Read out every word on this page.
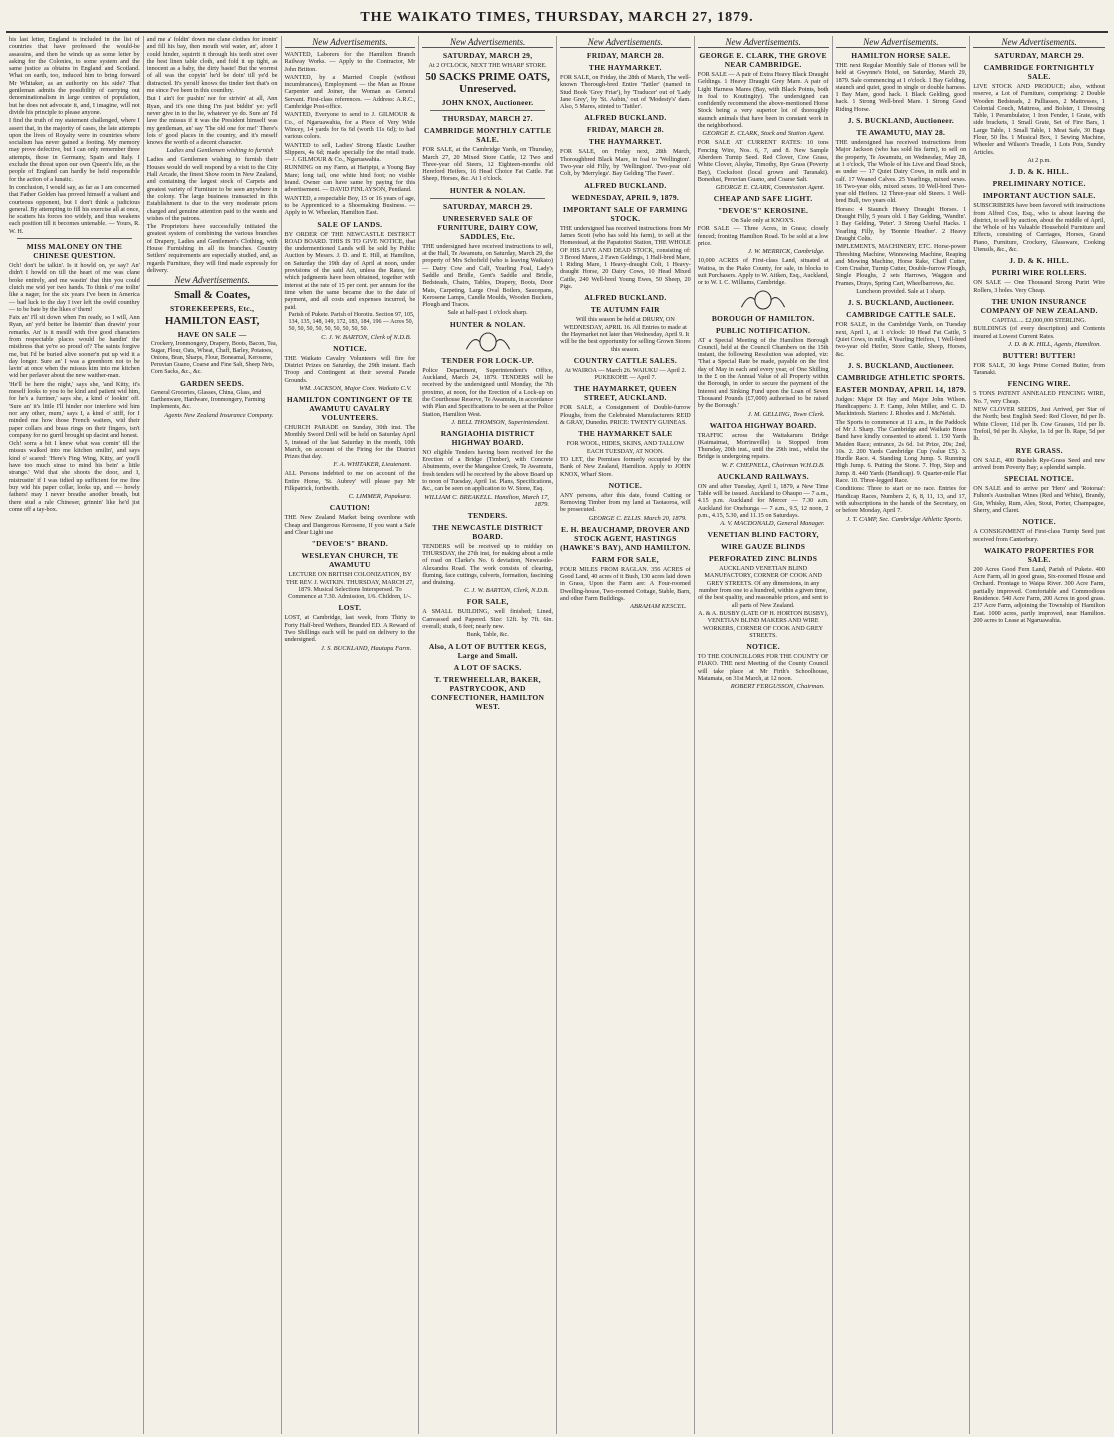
THE WAIKATO TIMES, THURSDAY, MARCH 27, 1879.
his last letter, England is included in the list of countries that have professed the would-be assassins, and then he winds up as some letter by asking for the Colonies, to some system and the same justice as obtains in England and Scotland. What on earth, too, induced him to bring forward Mr Whitaker, as an authority on his side? That gentleman admits the possibility of carrying out denominationalism in large centres of population, but he does not advocate it, and, I imagine, will not divide his principle to please anyone.
I find the truth of my statement challenged, where I assert that, in the majority of cases, the late attempts upon the lives of Royalty were in countries where socialism has never gained a footing. My memory may prove defective, but I can only remember three attempts, those in Germany, Spain and Italy. I exclude the threat upon our own Queen's life, as the people of England can hardly be held responsible for the action of a lunatic.
In conclusion, I would say, as far as I am concerned that Father Golden has proved himself a valiant and courteous opponent, but I don't think a judicious general. By attempting to fill his exercise all at once, he scatters his forces too widely, and thus weakens each position till it becomes untenable. — Yours, R. W. H.
MISS MALONEY ON THE CHINESE QUESTION.
Och! don't be talkin'. Is it howld on, ye say? An' didn't I howld on till the heart of me was clane broke entirely, and me wastin' that thin you could clutch me wid yer two hands. To think o' me toilin' like a nager, for the six years I've been in America — bad luck to the day I iver left the owld counthry — to be bate by the likes o' them!
Faix an' I'll sit down when I'm ready, so I will, Ann Ryan, an' ye'd better be listenin' than drawin' your remarks. An' is it mesilf with five good characters from respectable places would be handin' the misthress that ye're so proud of? The saints forgive me, but I'd be buried alive sooner'n put up wid it a day longer. Sure an' I was a greenhorn not to be lavin' at once when the missus kim into me kitchen wid her perlaver about the new waither-man.
'He'll be here the night,' says she, 'and Kitty, it's meself looks to you to be kind and patient wid him, for he's a furriner,' says she, a kind o' lookin' off. 'Sure an' it's little I'll hinder nor interfere wid him nor any other, mum,' says I, a kind o' stiff, for I minded me how those French waiters, wid their paper collars and brass rings on their fingers, isn't company for no gurril brought up dacint and honest.
Och! sorra a bit I knew what was comin' till the missus walked into me kitchen smilin', and says kind o' scared: 'Here's Fing Wing, Kitty, an' you'll have too much sinse to mind his bein' a little strange.' Wid that she shoots the door, and I, mistrustin' if I was tidied up sufficient for me fine buy wid his paper collar, looks up, and — howly fathers! may I never breathe another breath, but there stud a rale Chineser, grinnin' like he'd jist come off a tay-box.
and me a' foldin' down me clane clothes for ironin' and fill his bay, then mouth wid water, an', afore I could hinder, squirrit it through his teeth stret over the best linen table cloth, and fold it up tight, as innocent as a baby, the dirty baste! But the worrest of all was the copyin' he'd be doin' till ye'd be distracted. It's yersilf knows the tinder feet that's on me since I've been in this counthry.
But I ain't for pushin' nor for strivin' at all, Ann Ryan, and it's one thing I'm just biddin' ye: ye'll never give in to the lie, whatever ye do. Sure an' I'd lave the missus if it was the President himself was my gentleman, an' say 'The old one for me!' There's lots o' good places in the country, and it's meself knows the worth of a decent character.
Ladies and Gentlemen wishing to furnish
Ladies and Gentlemen wishing to furnish their Houses would do well respond by a visit to the City Hall Arcade, the finest Show room in New Zealand, and containing the largest stock of Carpets and greatest variety of Furniture to be seen anywhere in the colony. The large business transacted in this Establishment is due to the very moderate prices charged and genuine attention paid to the wants and wishes of the patrons.
The Proprietors have successfully initiated the greatest system of combining the various branches of Drapery, Ladies and Gentlemen's Clothing, with House Furnishing in all its branches. Country Settlers' requirements are especially studied, and, as regards Furniture, they will find made expressly for delivery.
New Advertisements.
Small & Coates,
STOREKEEPERS, Etc.,
HAMILTON EAST,
HAVE ON SALE —
Crockery, Ironmongery, Drapery, Boots, Bacon, Tea, Sugar, Flour, Oats, Wheat, Chaff, Barley, Potatoes, Onions, Bran, Sharps, Flour, Boneamal, Kerosene, Peruvian Guano, Coarse and Fine Salt, Sheep Nets, Corn Sacks, &c., &c.
GARDEN SEEDS.
General Groceries, Glasses, China, Glass, and Earthenware, Hardware, Ironmongery, Farming Implements, &c.
Agents New Zealand Insurance Company.
New Advertisements.
WANTED, Laborers for the Hamilton Branch Railway Works. — Apply to the Contractor, Mr John Britton.
WANTED, by a Married Couple (without incumbrances), Employment — the Man as House Carpenter and Joiner, the Woman as General Servant. First-class references. — Address: A.R.C., Cambridge Post-office.
WANTED, Everyone to send to J. GILMOUR & Co., of Ngaruawahia, for a Piece of Very Wide Wincey, 14 yards for 6s 6d (worth 11s 6d); to had various colors.
WANTED to sell, Ladies' Strong Elastic Leather Slippers, 4s 6d; made specially for the retail trade. — J. GILMOUR & Co., Ngaruawahia.
RUNNING on my Farm, at Haripipi, a Young Bay Mare; long tail, one white hind foot; no visible brand. Owner can have same by paying for this advertisement. — DAVID FINLAYSON, Pentland.
WANTED, a respectable Boy, 15 or 16 years of age, to be Apprenticed to a Shoemaking Business. — Apply to W. Wheelan, Hamilton East.
SALE OF LANDS.
BY ORDER OF THE NEWCASTLE DISTRICT ROAD BOARD. THIS IS TO GIVE NOTICE, that the undermentioned Lands will be sold by Public Auction by Messrs. J. D. and E. Hill, at Hamilton, on Saturday the 19th day of April at noon, under provisions of the said Act, unless the Rates, for which judgments have been obtained, together with interest at the rate of 15 per cent. per annum for the time when the same became due to the date of payment, and all costs and expenses incurred, be paid.
Parish of Pukete. Parish of Horotiu. Section 97, 105, 134, 135, 148, 149, 172, 183, 184, 196 — Acres 50, 50, 50, 50, 50, 50, 50, 50, 50, 50.
C. J. W. BARTON, Clerk of N.D.B.
NOTICE.
THE Waikato Cavalry Volunteers will fire for District Prizes on Saturday, the 29th instant. Each Troop and Contingent at their several Parade Grounds.
WM. JACKSON, Major Com. Waikato C.V.
HAMILTON CONTINGENT OF TE AWAMUTU CAVALRY VOLUNTEERS.
CHURCH PARADE on Sunday, 30th inst. The Monthly Sword Drill will be held on Saturday April 5, instead of the last Saturday in the month, 10th March, on account of the Firing for the District Prizes that day.
F. A. WHITAKER, Lieutenant.
ALL Persons indebted to me on account of the Entire Horse, 'St. Aubrey' will please pay Mr Filkpatrick, forthwith.
C. LIMMER, Papakura.
CAUTION!
THE New Zealand Market being overdone with Cheap and Dangerous Kerosene, If you want a Safe and Clear Light use
"DEVOE'S" BRAND.
WESLEYAN CHURCH, TE AWAMUTU
LECTURE ON BRITISH COLONIZATION, BY THE REV. J. WATKIN. THURSDAY, MARCH 27, 1879. Musical Selections Interspersed. To Commence at 7.30. Admission, 1/6. Children, 1/-.
LOST.
LOST, at Cambridge, last week, from Thirty to Forty Half-bred Wethers, Branded ED. A Reward of Two Shillings each will be paid on delivery to the undersigned.
J. S. BUCKLAND, Hautapu Farm.
New Advertisements.
SATURDAY, MARCH 29,
At 2 O'CLOCK, NEXT THE WHARF STORE.
50 SACKS PRIME OATS, Unreserved.
JOHN KNOX, Auctioneer.
THURSDAY, MARCH 27.
CAMBRIDGE MONTHLY CATTLE SALE.
FOR SALE, at the Cambridge Yards, on Thursday, March 27, 20 Mixed Store Cattle, 12 Two and Three-year old Steers, 12 Eighteen-months old Hereford Heifers, 16 Head Choice Fat Cattle. Fat Sheep, Horses, &c. At 1 o'clock.
HUNTER & NOLAN.
SATURDAY, MARCH 29.
UNRESERVED SALE OF FURNITURE, DAIRY COW, SADDLES, Etc.
THE undersigned have received instructions to sell, at the Hall, Te Awamutu, on Saturday, March 29, the property of Mrs Schofield (who is leaving Waikato) — Dairy Cow and Calf, Yearling Foal, Lady's Saddle and Bridle, Gent's Saddle and Bridle, Bedsteads, Chairs, Tables, Drapery, Boots, Door Mats, Carpeting, Large Oval Boilers, Saucepans, Kerosene Lamps, Candle Moulds, Wooden Buckets, Plough and Traces.
Sale at half-past 1 o'clock sharp.
HUNTER & NOLAN.
TENDER FOR LOCK-UP.
Police Department, Superintendent's Office, Auckland, March 24, 1879. TENDERS will be received by the undersigned until Monday, the 7th proximo, at noon, for the Erection of a Lock-up on the Courthouse Reserve, Te Awamutu, in accordance with Plan and Specifications to be seen at the Police Station, Hamilton West.
J. BELL THOMSON, Superintendent.
RANGIAOHIA DISTRICT HIGHWAY BOARD.
NO eligible Tenders having been received for the Erection of a Bridge (Timber), with Concrete Abutments, over the Mangahoe Creek, Te Awamutu, fresh tenders will be received by the above Board up to noon of Tuesday, April 1st. Plans, Specifications, &c., can be seen on application to W. Stone, Esq.
WILLIAM C. BREAKELL. Hamilton, March 17, 1879.
TENDERS.
THE NEWCASTLE DISTRICT BOARD.
TENDERS will be received up to midday on THURSDAY, the 27th inst, for making about a mile of road on Clarke's No. 6 deviation, Newcastle-Alexandra Road. The work consists of clearing, fluming, face cuttings, culverts, formation, fascining and draining.
C. J. W. BARTON, Clerk, N.D.B.
FOR SALE,
A SMALL BUILDING, well finished; Lined, Canvassed and Papered. Size: 12ft. by 7ft. 6in. overall; studs, 6 feet; nearly new.
Bunk, Table, &c.
Also, A LOT OF BUTTER KEGS, Large and Small.
A LOT OF SACKS.
T. TREWHEELLAR, BAKER, PASTRYCOOK, AND CONFECTIONER, HAMILTON WEST.
New Advertisements.
FRIDAY, MARCH 28.
THE HAYMARKET.
FOR SALE, on Friday, the 28th of March, The well-known Thorough-bred Entire 'Tattler' (named in Stud Book 'Grey Friar'), by 'Traducer' out of 'Lady Jane Grey', by 'St. Aubin,' out of 'Modesty's' dam. Also, 5 Mares, stinted to 'Tattler'.
ALFRED BUCKLAND.
FRIDAY, MARCH 28.
THE HAYMARKET.
FOR SALE, on Friday next, 28th March, Thoroughbred Black Mare, in foal to 'Wellington'. Two-year old Filly, by 'Wellington'. Two-year old Colt, by 'Merrylegs'. Bay Gelding 'The Fawn'.
ALFRED BUCKLAND.
WEDNESDAY, APRIL 9, 1879.
IMPORTANT SALE OF FARMING STOCK.
THE undersigned has received instructions from Mr James Scott (who has sold his farm), to sell at the Homestead, at the Papatoitoi Station, THE WHOLE OF HIS LIVE AND DEAD STOCK, consisting of: 3 Brood Mares, 2 Fawn Geldings, 1 Half-bred Mare, 1 Riding Mare, 1 Heavy-draught Colt, 1 Heavy-draught Horse, 20 Dairy Cows, 10 Head Mixed Cattle, 240 Well-bred Young Ewes, 50 Sheep, 20 Pigs.
ALFRED BUCKLAND.
TE AUTUMN FAIR
Will this season be held at DRURY, ON WEDNESDAY, APRIL 16. All Entries to made at the Haymarket not later than Wednesday, April 9. It will be the best opportunity for selling Grown Stores this season.
COUNTRY CATTLE SALES.
At WAIROA — March 26. WAIUKU — April 2. PUKEKOHE — April 7.
THE HAYMARKET, QUEEN STREET, AUCKLAND.
FOR SALE, a Consignment of Double-furrow Ploughs, from the Celebrated Manufacturers REID & GRAY, Dunedin. PRICE: TWENTY GUINEAS.
THE HAYMARKET SALE
FOR WOOL, HIDES, SKINS, AND TALLOW EACH TUESDAY, AT NOON.
TO LET, the Premises formerly occupied by the Bank of New Zealand, Hamilton. Apply to JOHN KNOX, Wharf Store.
NOTICE.
ANY persons, after this date, found Cutting or Removing Timber from my land at Taotaoroa, will be prosecuted.
GEORGE C. ELLIS. March 20, 1879.
E. H. BEAUCHAMP, DROVER AND STOCK AGENT, HASTINGS (HAWKE'S BAY), AND HAMILTON.
FARM FOR SALE,
FOUR MILES FROM RAGLAN. 356 ACRES of Good Land, 40 acres of it Bush, 130 acres laid down in Grass, Upon the Farm are: A Four-roomed Dwelling-house, Two-roomed Cottage, Stable, Barn, and other Farm Buildings.
ABRAHAM KESCEL.
New Advertisements.
GEORGE E. CLARK, THE GROVE NEAR CAMBRIDGE.
FOR SALE — A pair of Extra Heavy Black Draught Geldings. 1 Heavy Draught Grey Mare. A pair of Light Harness Mares (Bay, with Black Points, both in foal to Koutingity). The undersigned can confidently recommend the above-mentioned Horse Stock being a very superior lot of thoroughly staunch animals that have been in constant work in the neighborhood.
GEORGE E. CLARK, Stock and Station Agent.
FOR SALE AT CURRENT RATES: 10 tons Fencing Wire, Nos. 6, 7, and 8. New Sample Aberdeen Turnip Seed. Red Clover, Cow Grass, White Clover, Alsyke, Timothy, Rye Grass (Poverty Bay), Cocksfoot (local grown and Taranaki). Bonedust, Peruvian Guano, and Coarse Salt.
GEORGE E. CLARK, Commission Agent.
CHEAP AND SAFE LIGHT.
"DEVOE'S" KEROSINE.
On Sale only at KNOX'S.
FOR SALE — Three Acres, in Grass; closely fenced; fronting Hamilton Road. To be sold at a low price.
J. W. MERRICK, Cambridge.
10,000 ACRES of First-class Land, situated at Waitoa, in the Piako County, for sale, in blocks to suit Purchasers. Apply to W. Aitken, Esq., Auckland, or to W. I. C. Williams, Cambridge.
BOROUGH OF HAMILTON.
PUBLIC NOTIFICATION.
AT a Special Meeting of the Hamilton Borough Council, held at the Council Chambers on the 15th instant, the following Resolution was adopted, viz: 'That a Special Rate be made, payable on the first day of May in each and every year, of One Shilling in the £ on the Annual Value of all Property within the Borough, in order to secure the payment of the Interest and Sinking Fund upon the Loan of Seven Thousand Pounds (£7,000) authorised to be raised by the Borough.'
J. M. GELLING, Town Clerk.
WAITOA HIGHWAY BOARD.
TRAFFIC across the Waitakaruru Bridge (Kaimaimai, Morrinsville) is Stopped from Thursday, 20th inst., until the 29th inst., whilst the Bridge is undergoing repairs.
W. F. CHEPNELL, Chairman W.H.D.B.
AUCKLAND RAILWAYS.
ON and after Tuesday, April 1, 1879, a New Time Table will be issued. Auckland to Ohaupo — 7 a.m., 4.15 p.m. Auckland for Mercer — 7.30 a.m. Auckland for Onehunga — 7 a.m., 9.5, 12 noon, 2 p.m., 4.15, 5.30, and 11.15 on Saturdays.
A. V. MACDONALD, General Manager.
VENETIAN BLIND FACTORY,
WIRE GAUZE BLINDS
PERFORATED ZINC BLINDS
AUCKLAND VENETIAN BLIND MANUFACTORY, CORNER OF COOK AND GREY STREETS. Of any dimensions, in any number from one to a hundred, within a given time, of the best quality, and reasonable prices, and sent to all parts of New Zealand.
A. & A. BUSBY (LATE OF H. HORTON BUSBY), VENETIAN BLIND MAKERS AND WIRE WORKERS, CORNER OF COOK AND GREY STREETS.
NOTICE.
TO THE COUNCILLORS FOR THE COUNTY OF PIAKO. THE next Meeting of the County Council will take place at Mr Firth's Schoolhouse, Matamata, on 31st March, at 12 noon.
ROBERT FERGUSSON, Chairman.
New Advertisements.
HAMILTON HORSE SALE.
THE next Regular Monthly Sale of Horses will be held at Gwynne's Hotel, on Saturday, March 29, 1879. Sale commencing at 1 o'clock. 1 Bay Gelding, staunch and quiet, good in single or double harness. 1 Bay Mare, good hack. 1 Black Gelding, good hack. 1 Strong Well-bred Mare. 1 Strong Good Riding Horse.
J. S. BUCKLAND, Auctioneer.
TE AWAMUTU, MAY 28.
THE undersigned has received instructions from Major Jackson (who has sold his farm), to sell on the property, Te Awamutu, on Wednesday, May 28, at 1 o'clock, The Whole of his Live and Dead Stock, as under — 17 Quiet Dairy Cows, in milk and in calf. 17 Weaned Calves. 25 Yearlings, mixed sexes. 16 Two-year olds, mixed sexes. 10 Well-bred Two-year old Heifers. 12 Three-year old Steers. 1 Well-bred Bull, two years old.
Horses: 4 Staunch Heavy Draught Horses. 1 Draught Filly, 5 years old. 1 Bay Gelding, 'Wandin'. 1 Bay Gelding, 'Peter'. 3 Strong Useful Hacks. 1 Yearling Filly, by 'Bonnie Heather'. 2 Heavy Draught Colts.
IMPLEMENTS, MACHINERY, ETC. Horse-power Threshing Machine, Winnowing Machine, Reaping and Mowing Machine, Horse Rake, Chaff Cutter, Corn Crusher, Turnip Cutter, Double-furrow Plough, Single Ploughs, 2 sets Harrows, Waggon and Frames, Drays, Spring Cart, Wheelbarrows, &c.
Luncheon provided. Sale at 1 sharp.
J. S. BUCKLAND, Auctioneer.
CAMBRIDGE CATTLE SALE.
FOR SALE, in the Cambridge Yards, on Tuesday next, April 1, at 1 o'clock: 10 Head Fat Cattle, 5 Quiet Cows, in milk, 4 Yearling Heifers, 1 Well-bred two-year old Heifer, Store Cattle, Sheep, Horses, &c.
J. S. BUCKLAND, Auctioneer.
CAMBRIDGE ATHLETIC SPORTS.
EASTER MONDAY, APRIL 14, 1879.
Judges: Major Di Hay and Major John Wilson. Handicappers: J. F. Camp, John Miller, and C. D. Mackintosh. Starters: J. Rhodes and J. McNeish.
The Sports to commence at 11 a.m., in the Paddock of Mr J. Sharp. The Cambridge and Waikato Brass Band have kindly consented to attend. 1. 150 Yards Maiden Race; entrance, 2s 6d. 1st Prize, 20s; 2nd, 10s. 2. 200 Yards Cambridge Cup (value £5). 3. Hurdle Race. 4. Standing Long Jump. 5. Running High Jump. 6. Putting the Stone. 7. Hop, Step and Jump. 8. 440 Yards (Handicap). 9. Quarter-mile Flat Race. 10. Three-legged Race.
Conditions: Three to start or no race. Entries for Handicap Races, Numbers 2, 6, 8, 11, 13, and 17, with subscriptions in the hands of the Secretary, on or before Monday, April 7.
J. T. CAMP, Sec. Cambridge Athletic Sports.
New Advertisements.
SATURDAY, MARCH 29.
CAMBRIDGE FORTNIGHTLY SALE.
LIVE STOCK AND PRODUCE; also, without reserve, a Lot of Furniture, comprising: 2 Double Wooden Bedsteads, 2 Palliasses, 2 Mattresses, 1 Colonial Couch, Mattress, and Bolster, 1 Dressing Table, 1 Perambulator, 1 Iron Fender, 1 Grate, with side brackets, 1 Small Grate, Set of Fire Bars, 1 Large Table, 1 Small Table, 1 Meat Safe, 30 Bags Flour, 50 lbs. 1 Musical Box, 1 Sewing Machine, Wheeler and Wilson's Treadle, 1 Lots Pots, Sundry Articles.
At 2 p.m.
J. D. & K. HILL.
PRELIMINARY NOTICE.
IMPORTANT AUCTION SALE.
SUBSCRIBERS have been favored with instructions from Alfred Cox, Esq., who is about leaving the district, to sell by auction, about the middle of April, the Whole of his Valuable Household Furniture and Effects, consisting of Carriages, Horses, Grand Piano, Furniture, Crockery, Glassware, Cooking Utensils, &c., &c.
J. D. & K. HILL.
PURIRI WIRE ROLLERS.
ON SALE — One Thousand Strong Puriri Wire Rollers, 3 holes. Very Cheap.
THE UNION INSURANCE COMPANY OF NEW ZEALAND.
CAPITAL ... £2,000,000 STERLING.
BUILDINGS (of every description) and Contents insured at Lowest Current Rates.
J. D. & K. HILL, Agents, Hamilton.
BUTTER! BUTTER!
FOR SALE, 30 kegs Prime Corned Butter, from Taranaki.
FENCING WIRE.
5 TONS PATENT ANNEALED FENCING WIRE, No. 7, very Cheap.
NEW CLOVER SEEDS, Just Arrived, per Star of the North; best English Seed: Red Clover, 8d per lb. White Clover, 11d per lb. Cow Grasses, 11d per lb. Trefoil, 9d per lb. Alsyke, 1s 1d per lb. Rape, 5d per lb.
RYE GRASS.
ON SALE, 400 Bushels Rye-Grass Seed and new arrived from Poverty Bay; a splendid sample.
SPECIAL NOTICE.
ON SALE and to arrive per 'Hero' and 'Rotorua': Fulton's Australian Wines (Red and White), Brandy, Gin, Whisky, Rum, Ales, Stout, Porter, Champagne, Sherry, and Claret.
NOTICE.
A CONSIGNMENT of First-class Turnip Seed just received from Canterbury.
WAIKATO PROPERTIES FOR SALE.
200 Acres Good Fern Land, Parish of Pukete. 400 Acre Farm, all in good grass, Six-roomed House and Orchard. Frontage to Waipa River. 300 Acre Farm, partially improved. Comfortable and Commodious Residence. 540 Acre Farm, 200 Acres in good grass. 237 Acre Farm, adjoining the Township of Hamilton East. 1000 acres, partly improved, near Hamilton. 200 acres to Lease at Ngaruawahia.
